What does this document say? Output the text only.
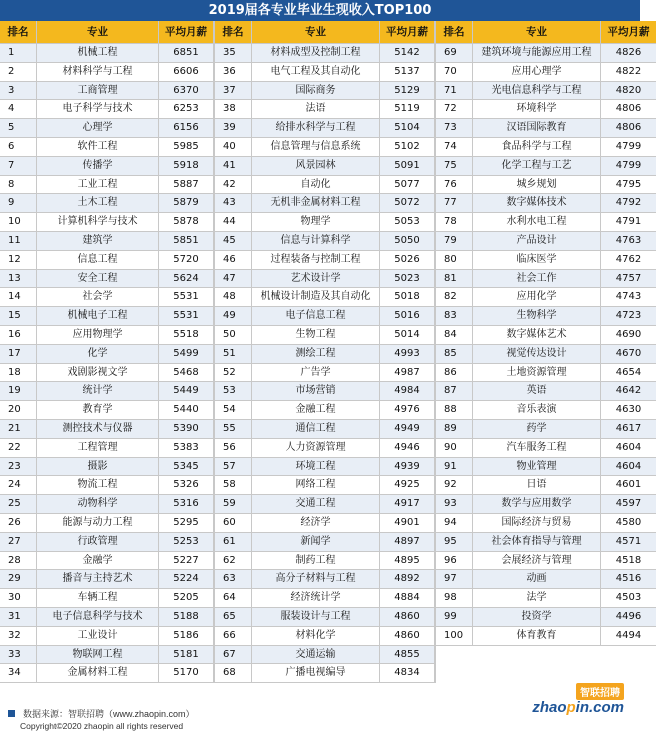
2019届各专业毕业生现收入TOP100
排名	专业	平均月薪
1	机械工程	6851
2	材料科学与工程	6606
3	工商管理	6370
4	电子科学与技术	6253
5	心理学	6156
6	软件工程	5985
7	传播学	5918
8	工业工程	5887
9	土木工程	5879
10	计算机科学与技术	5878
11	建筑学	5851
12	信息工程	5720
13	安全工程	5624
14	社会学	5531
15	机械电子工程	5531
16	应用物理学	5518
17	化学	5499
18	戏剧影视文学	5468
19	统计学	5449
20	教育学	5440
21	测控技术与仪器	5390
22	工程管理	5383
23	摄影	5345
24	物流工程	5326
25	动物科学	5316
26	能源与动力工程	5295
27	行政管理	5253
28	金融学	5227
29	播音与主持艺术	5224
30	车辆工程	5205
31	电子信息科学与技术	5188
32	工业设计	5186
33	物联网工程	5181
34	金属材料工程	5170
排名	专业	平均月薪
35	材料成型及控制工程	5142
36	电气工程及其自动化	5137
37	国际商务	5129
38	法语	5119
39	给排水科学与工程	5104
40	信息管理与信息系统	5102
41	风景园林	5091
42	自动化	5077
43	无机非金属材料工程	5072
44	物理学	5053
45	信息与计算科学	5050
46	过程装备与控制工程	5026
47	艺术设计学	5023
48	机械设计制造及其自动化	5018
49	电子信息工程	5016
50	生物工程	5014
51	测绘工程	4993
52	广告学	4987
53	市场营销	4984
54	金融工程	4976
55	通信工程	4949
56	人力资源管理	4946
57	环境工程	4939
58	网络工程	4925
59	交通工程	4917
60	经济学	4901
61	新闻学	4897
62	制药工程	4895
63	高分子材料与工程	4892
64	经济统计学	4884
65	服装设计与工程	4860
66	材料化学	4860
67	交通运输	4855
68	广播电视编导	4834
排名	专业	平均月薪
69	建筑环境与能源应用工程	4826
70	应用心理学	4822
71	光电信息科学与工程	4820
72	环境科学	4806
73	汉语国际教育	4806
74	食品科学与工程	4799
75	化学工程与工艺	4799
76	城乡规划	4795
77	数字媒体技术	4792
78	水利水电工程	4791
79	产品设计	4763
80	临床医学	4762
81	社会工作	4757
82	应用化学	4743
83	生物科学	4723
84	数字媒体艺术	4690
85	视觉传达设计	4670
86	土地资源管理	4654
87	英语	4642
88	音乐表演	4630
89	药学	4617
90	汽车服务工程	4604
91	物业管理	4604
92	日语	4601
93	数学与应用数学	4597
94	国际经济与贸易	4580
95	社会体育指导与管理	4571
96	会展经济与管理	4518
97	动画	4516
98	法学	4503
99	投资学	4496
100	体育教育	4494
数据来源：智联招聘（www.zhaopin.com）
Copyright©2020 zhaopin all rights reserved
智联招聘
zhaopin.com
